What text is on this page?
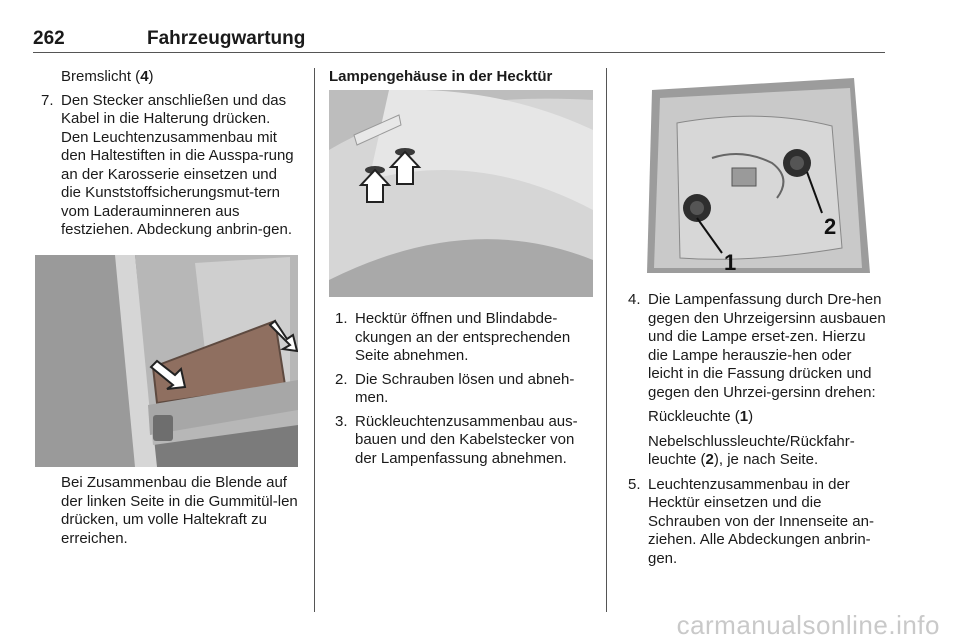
262	Fahrzeugwartung
Bremslicht (4)
7. Den Stecker anschließen und das Kabel in die Halterung drücken. Den Leuchtenzusammenbau mit den Haltestiften in die Ausspa-rung an der Karosserie einsetzen und die Kunststoffsicherungsmut-tern vom Laderauminneren aus festziehen. Abdeckung anbrin-gen.
Bei Zusammenbau die Blende auf der linken Seite in die Gummitül-len drücken, um volle Haltekraft zu erreichen.
Lampengehäuse in der Hecktür
1. Hecktür öffnen und Blindabde-ckungen an der entsprechenden Seite abnehmen.
2. Die Schrauben lösen und abneh-men.
3. Rückleuchtenzusammenbau aus-bauen und den Kabelstecker von der Lampenfassung abnehmen.
1
2
4. Die Lampenfassung durch Dre-hen gegen den Uhrzeigersinn ausbauen und die Lampe erset-zen. Hierzu die Lampe herauszie-hen oder leicht in die Fassung drücken und gegen den Uhrzei-gersinn drehen:
Rückleuchte (1)
Nebelschlussleuchte/Rückfahr-leuchte (2), je nach Seite.
5. Leuchtenzusammenbau in der Hecktür einsetzen und die Schrauben von der Innenseite an-ziehen. Alle Abdeckungen anbrin-gen.
carmanualsonline.info
